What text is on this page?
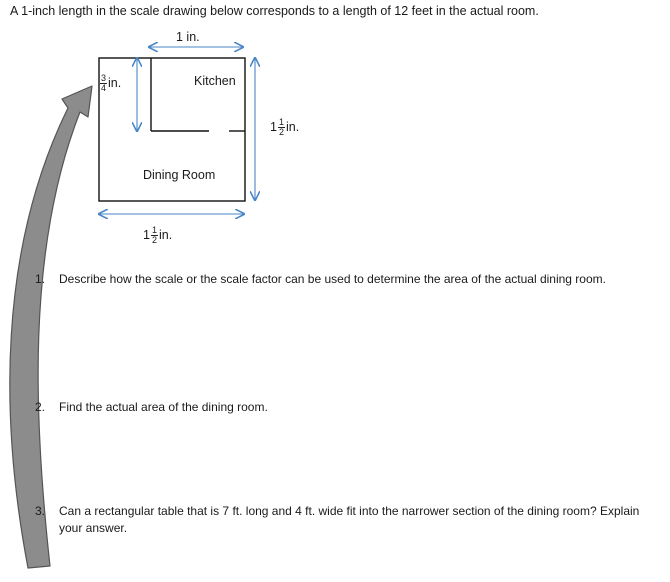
A 1-inch length in the scale drawing below corresponds to a length of 12 feet in the actual room.
1 in.
$\frac{3}{4}$ in.
$1 \frac{1}{2}$ in.
$1 \frac{1}{2}$ in.
Kitchen
Dining Room
1. Describe how the scale or the scale factor can be used to determine the area of the actual dining room.
2. Find the actual area of the dining room.
3. Can a rectangular table that is 7 ft. long and 4 ft. wide fit into the narrower section of the dining room? Explain your answer.
